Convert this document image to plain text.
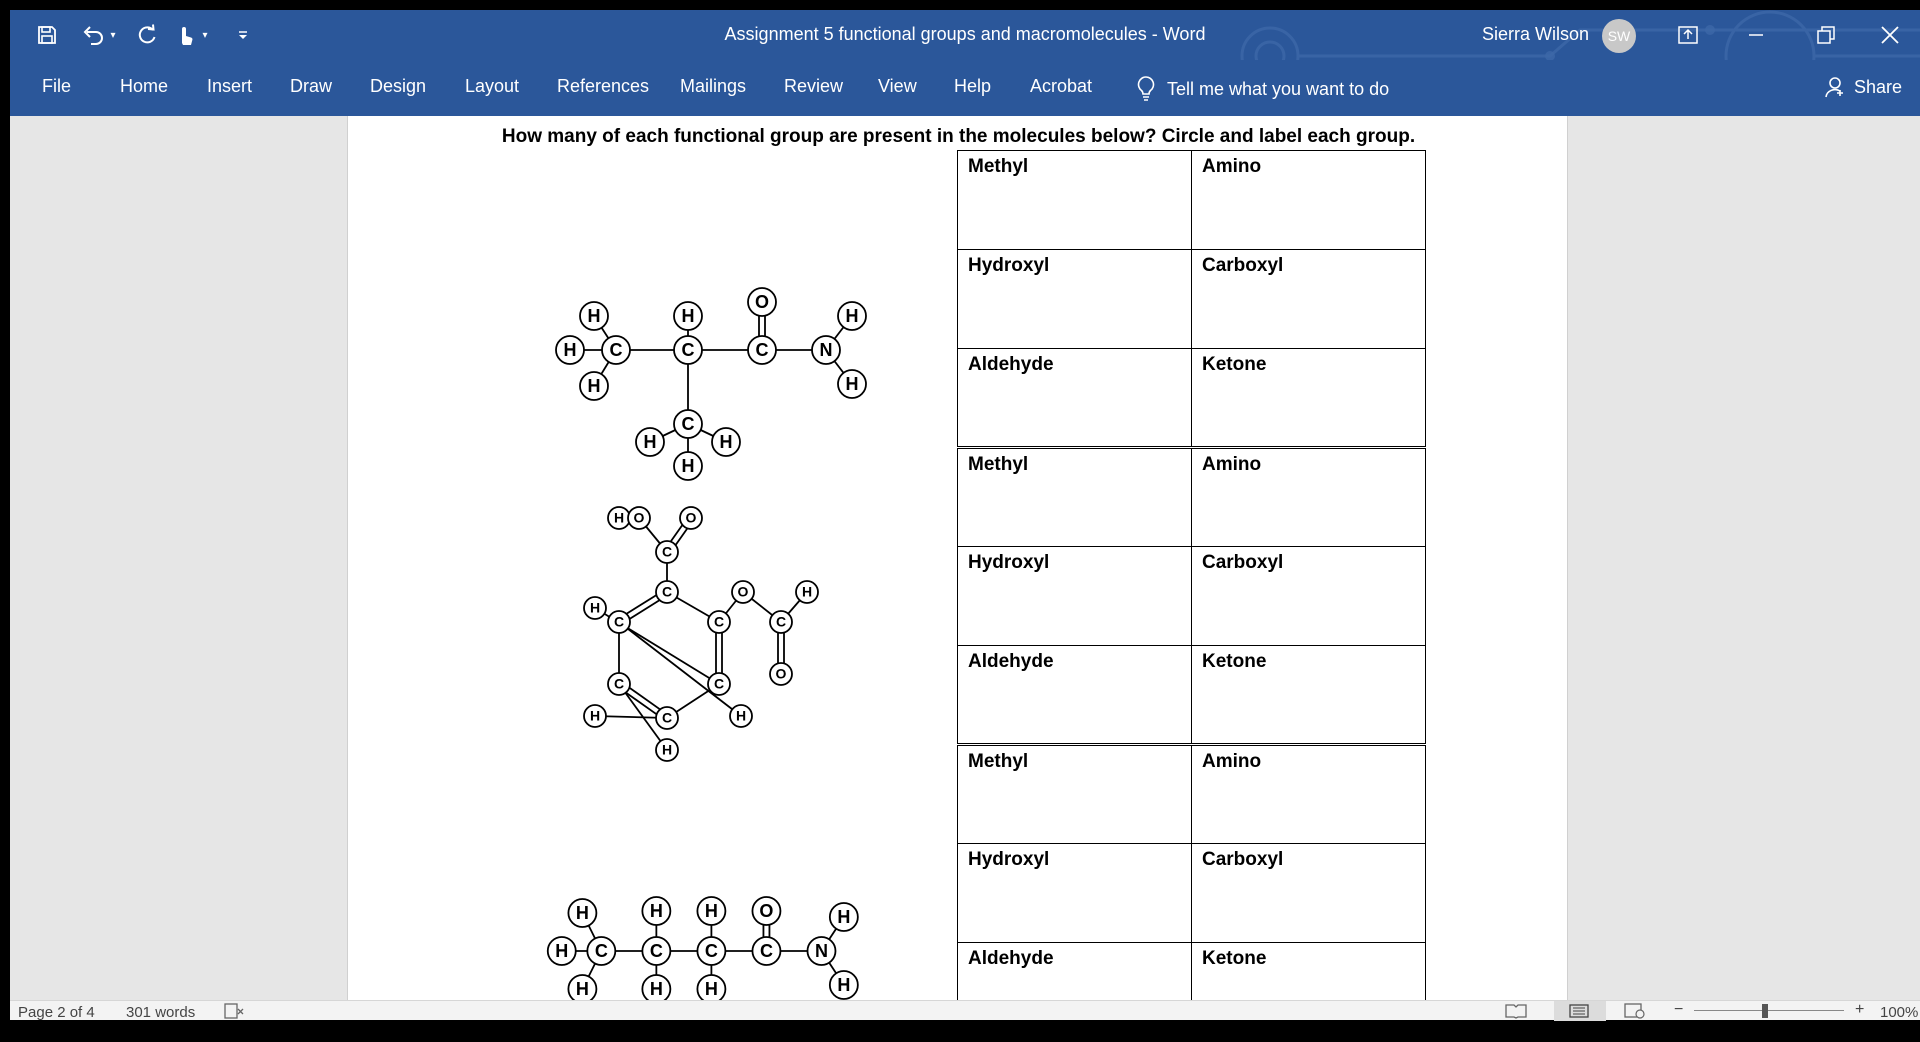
▾	▾	Assignment 5 functional groups and macromolecules - Word	Sierra Wilson	SW
File	Home Insert Draw Design Layout References Mailings Review View Help Acrobat	Tell me what you want to do	Share
How many of each functional group are present in the molecules below? Circle and label each group.
H C
H
H
C
H
C
H	H
H
C
O
N
H
H
H O	O
C
C
C
C
C
C
C
H
H
H
H
O
C
H
O
H C
H
H
C
H
H
C
H
H
C
O
N
H
H
Methyl	Amino
Hydroxyl	Carboxyl
Aldehyde	Ketone
Methyl	Amino
Hydroxyl	Carboxyl
Aldehyde	Ketone
Methyl	Amino
Hydroxyl	Carboxyl
Aldehyde	Ketone
Page 2 of 4 301 words	−	+ 100%
